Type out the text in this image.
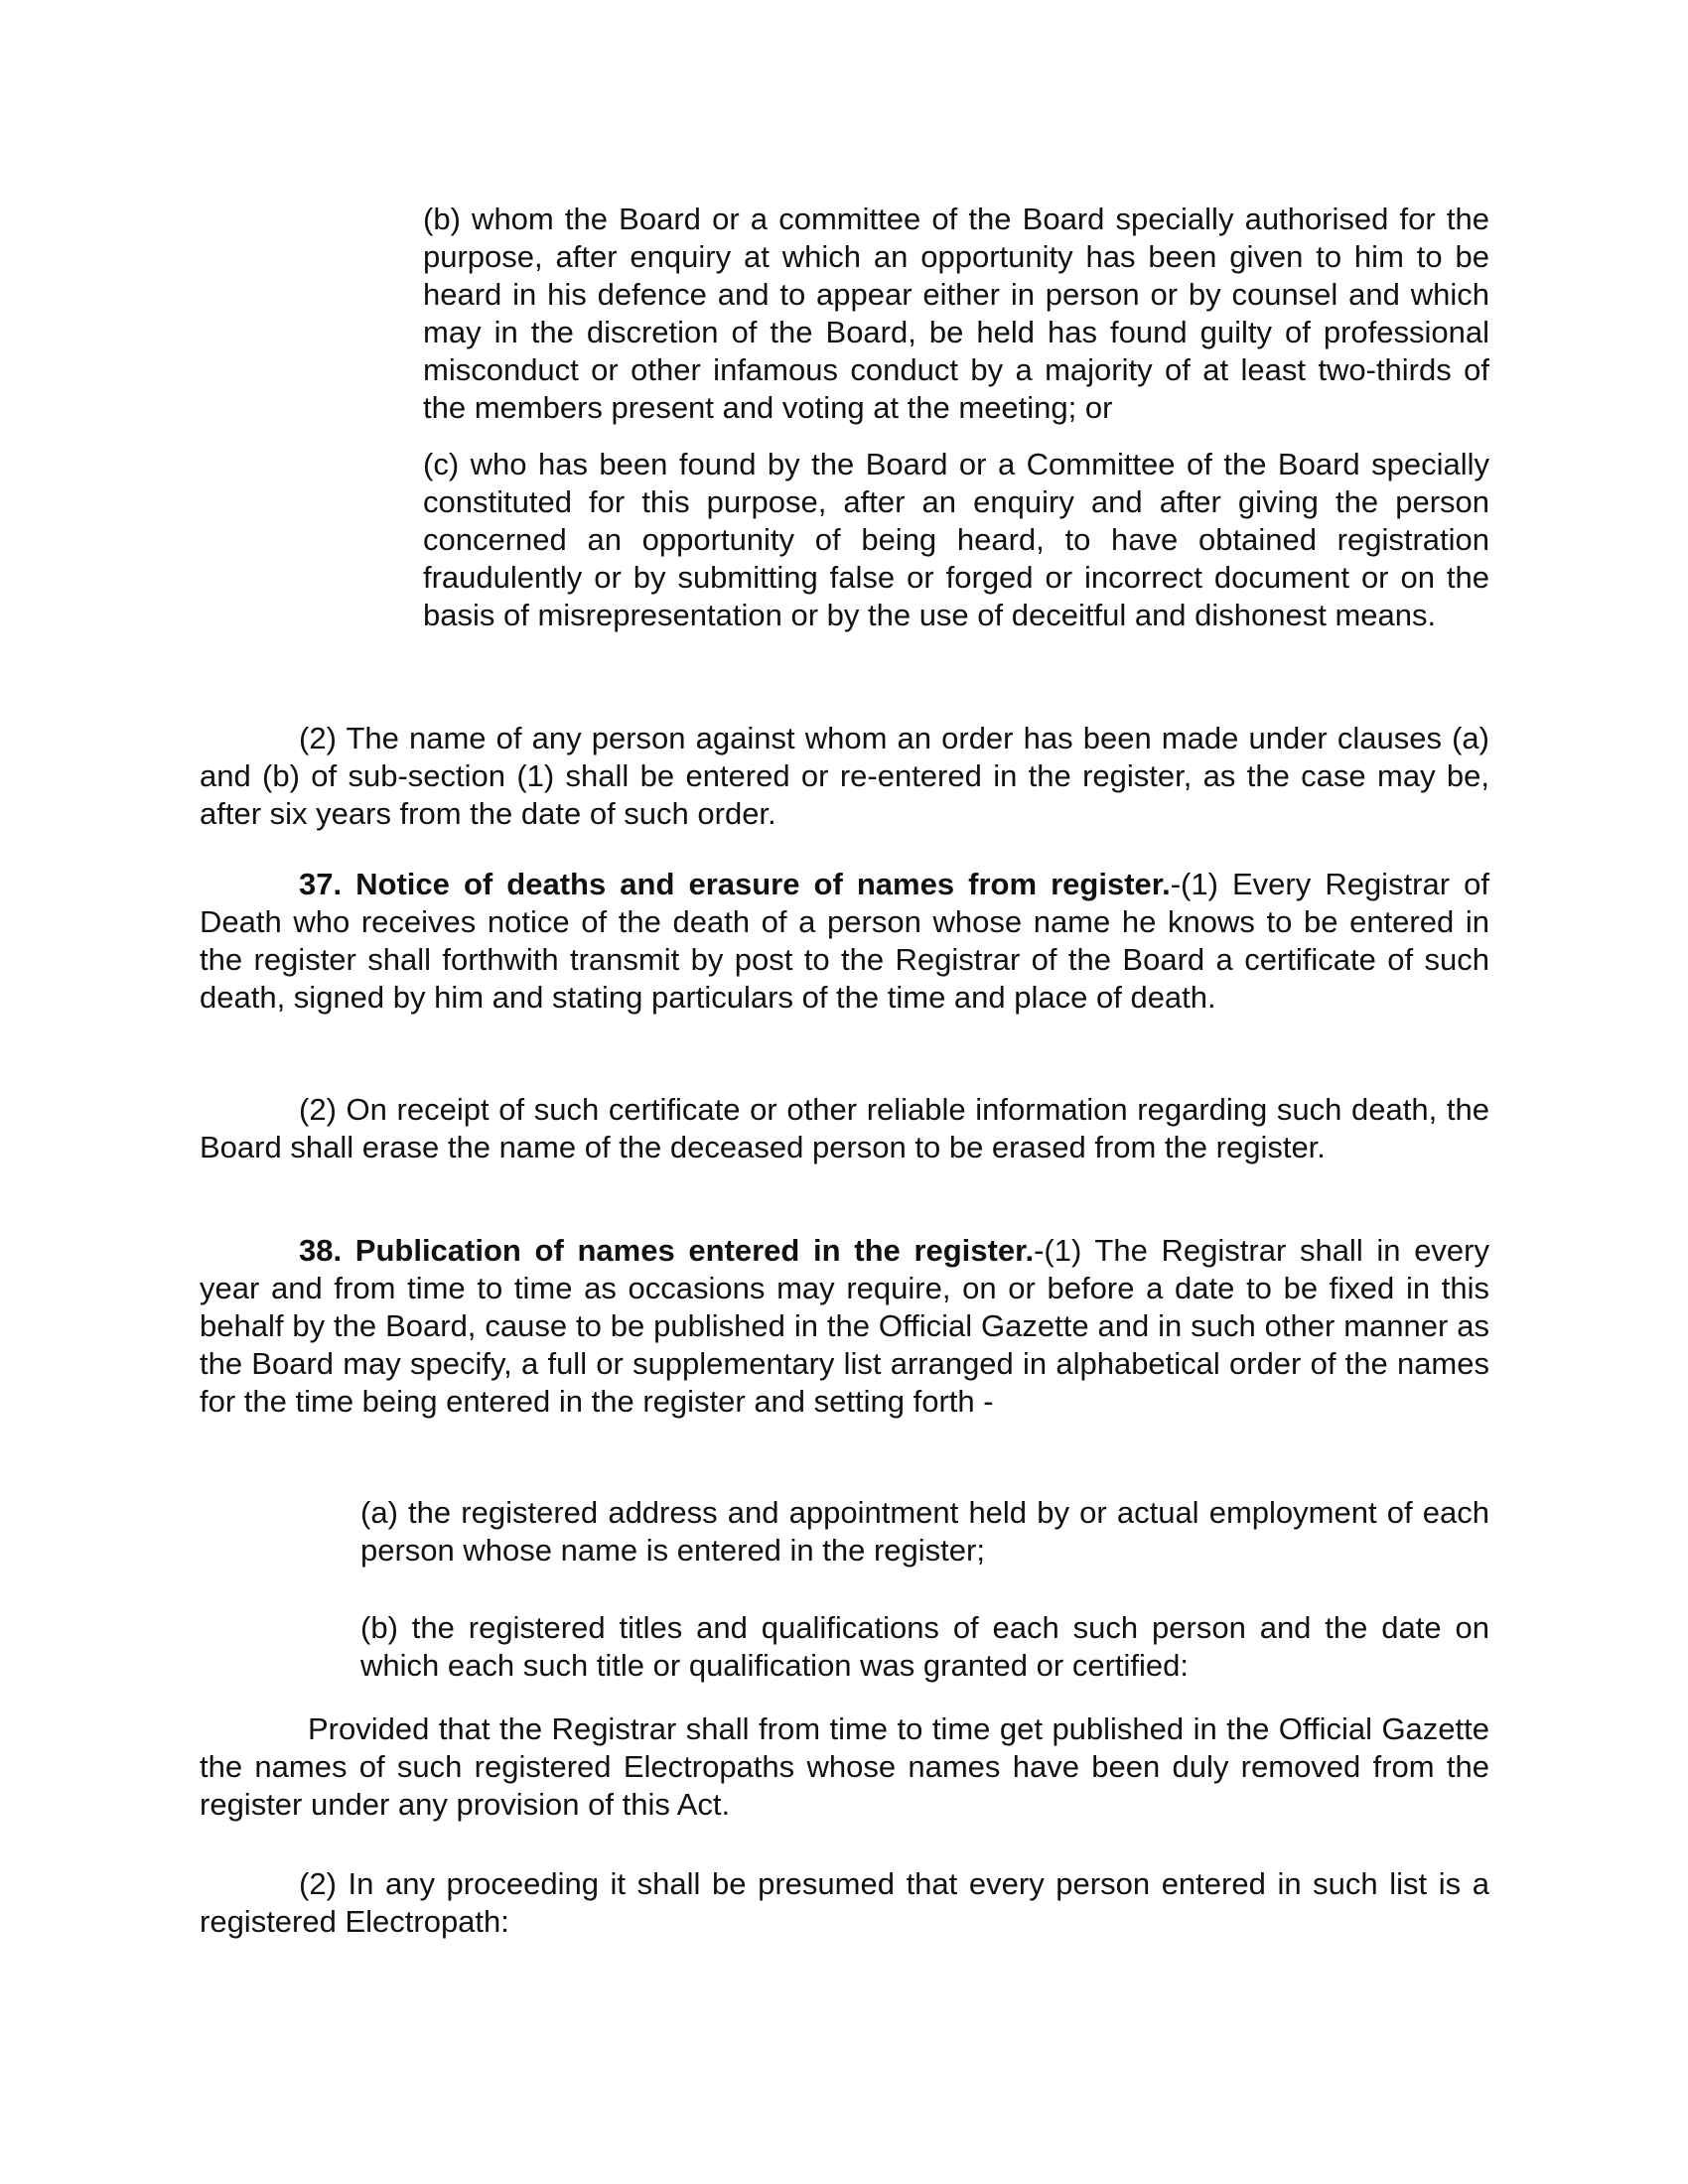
(b) whom the Board or a committee of the Board specially authorised for the purpose, after enquiry at which an opportunity has been given to him to be heard in his defence and to appear either in person or by counsel and which may in the discretion of the Board, be held has found guilty of professional misconduct or other infamous conduct by a majority of at least two-thirds of the members present and voting at the meeting; or

(c) who has been found by the Board or a Committee of the Board specially constituted for this purpose, after an enquiry and after giving the person concerned an opportunity of being heard, to have obtained registration fraudulently or by submitting false or forged or incorrect document or on the basis of misrepresentation or by the use of deceitful and dishonest means.

(2) The name of any person against whom an order has been made under clauses (a) and (b) of sub-section (1) shall be entered or re-entered in the register, as the case may be, after six years from the date of such order.

37. Notice of deaths and erasure of names from register.-(1) Every Registrar of Death who receives notice of the death of a person whose name he knows to be entered in the register shall forthwith transmit by post to the Registrar of the Board a certificate of such death, signed by him and stating particulars of the time and place of death.

(2) On receipt of such certificate or other reliable information regarding such death, the Board shall erase the name of the deceased person to be erased from the register.

38. Publication of names entered in the register.-(1) The Registrar shall in every year and from time to time as occasions may require, on or before a date to be fixed in this behalf by the Board, cause to be published in the Official Gazette and in such other manner as the Board may specify, a full or supplementary list arranged in alphabetical order of the names for the time being entered in the register and setting forth -

(a) the registered address and appointment held by or actual employment of each person whose name is entered in the register;

(b) the registered titles and qualifications of each such person and the date on which each such title or qualification was granted or certified:

Provided that the Registrar shall from time to time get published in the Official Gazette the names of such registered Electropaths whose names have been duly removed from the register under any provision of this Act.

(2) In any proceeding it shall be presumed that every person entered in such list is a registered Electropath:
